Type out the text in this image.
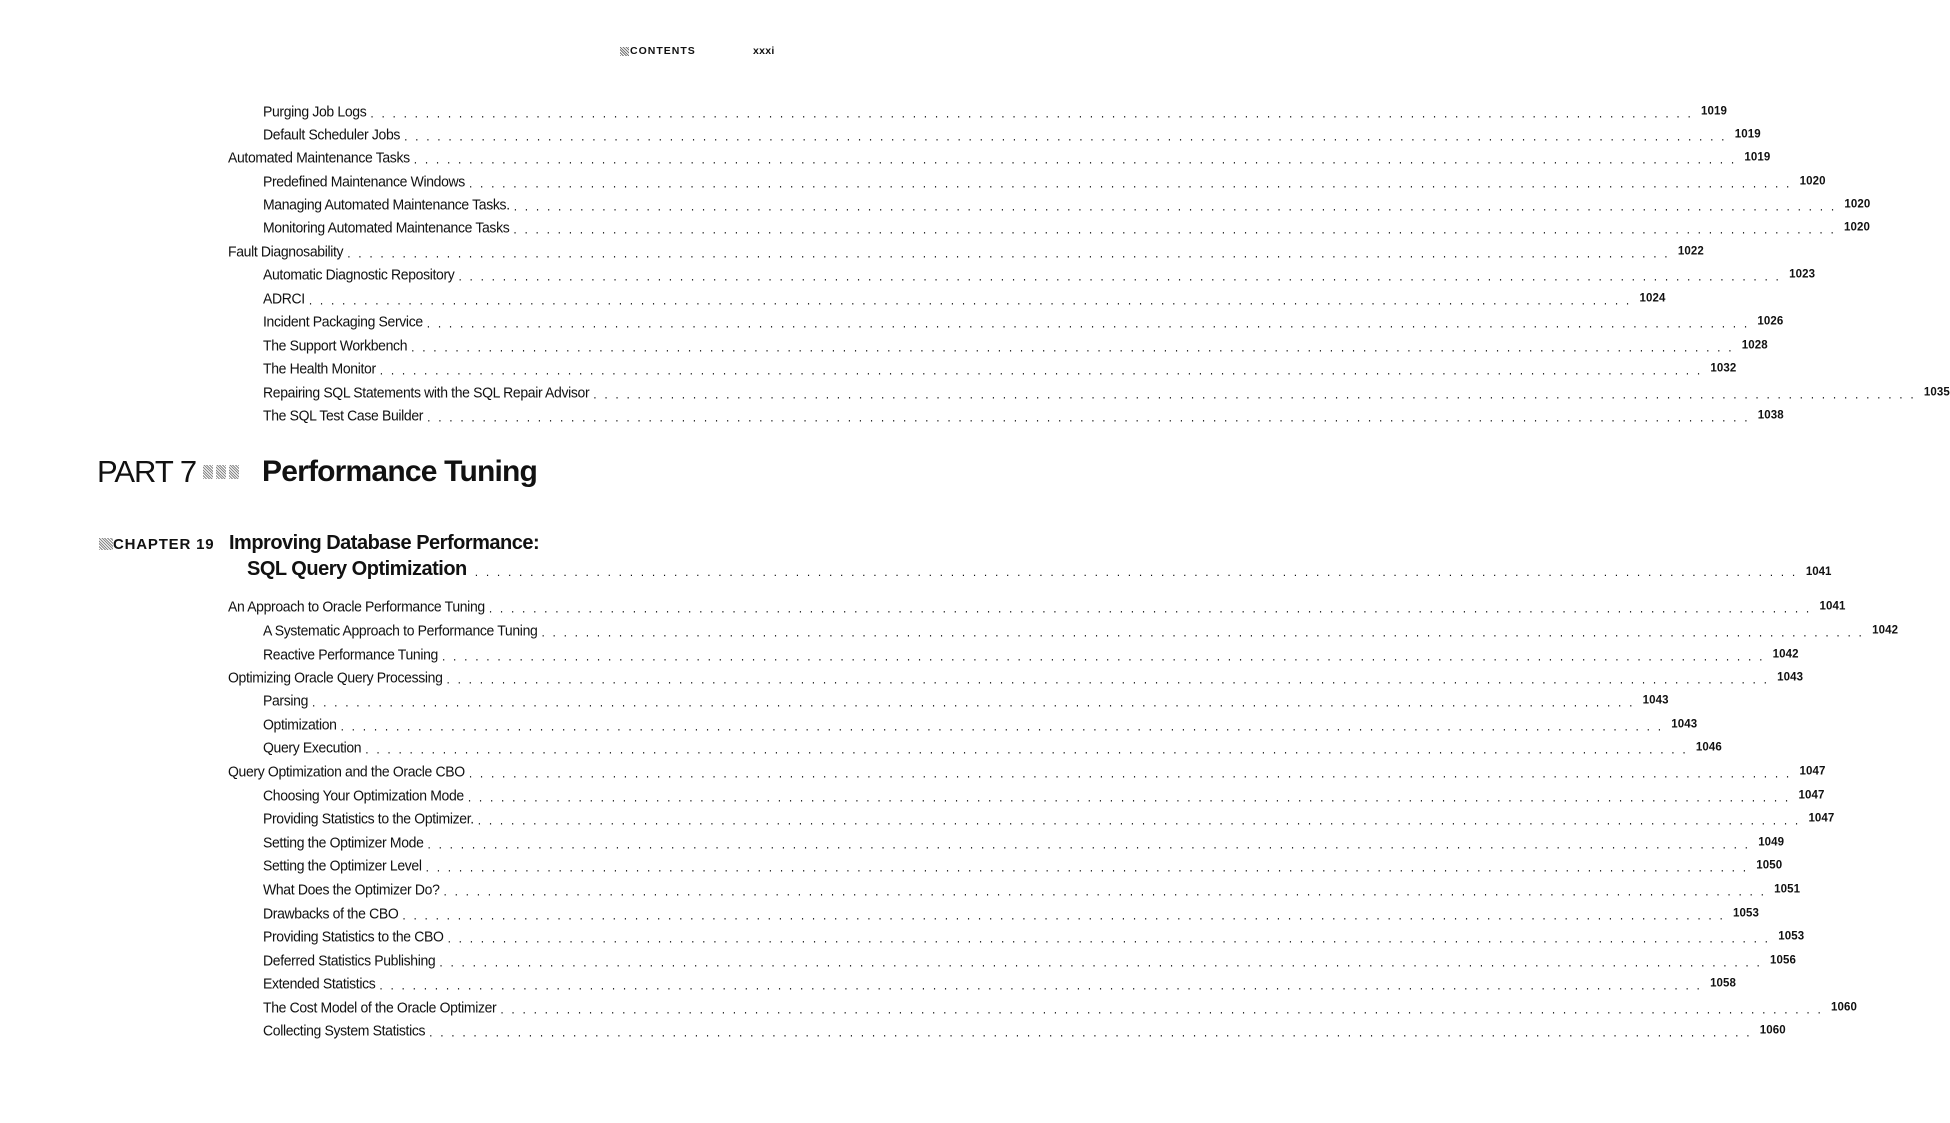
CONTENTS	xxxi
Purging Job Logs . . . . . . . . . . . . . . . . . . . . . . . . . . . . . . . . . . . . . . . . . . . . . . . . . . . . . . . . . . . . . . . . . . . . . . . . . . . . . . . . . . . . . . . . . . . . . . . . . . . . . . . . . . . . . . . . . . . . . . . . 1019
Default Scheduler Jobs . . . . . . . . . . . . . . . . . . . . . . . . . . . . . . . . . . . . . . . . . . . . . . . . . . . . . . . . . . . . . . . . . . . . . . . . . . . . . . . . . . . . . . . . . . . . . . . . . . . . . . . . . . . . . . . . . . . . . . . . 1019
Automated Maintenance Tasks . . . . . . . . . . . . . . . . . . . . . . . . . . . . . . . . . . . . . . . . . . . . . . . . . . . . . . . . . . . . . . . . . . . . . . . . . . . . . . . . . . . . . . . . . . . . . . . . . . . . . . . . . . . . . . . . . . . . . . . . 1019
Predefined Maintenance Windows . . . . . . . . . . . . . . . . . . . . . . . . . . . . . . . . . . . . . . . . . . . . . . . . . . . . . . . . . . . . . . . . . . . . . . . . . . . . . . . . . . . . . . . . . . . . . . . . . . . . . . . . . . . . . . . . . . . . . . . . 1020
Managing Automated Maintenance Tasks. . . . . . . . . . . . . . . . . . . . . . . . . . . . . . . . . . . . . . . . . . . . . . . . . . . . . . . . . . . . . . . . . . . . . . . . . . . . . . . . . . . . . . . . . . . . . . . . . . . . . . . . . . . . . . . . . . . . . . . . . 1020
Monitoring Automated Maintenance Tasks . . . . . . . . . . . . . . . . . . . . . . . . . . . . . . . . . . . . . . . . . . . . . . . . . . . . . . . . . . . . . . . . . . . . . . . . . . . . . . . . . . . . . . . . . . . . . . . . . . . . . . . . . . . . . . . . . . . . . . . . 1020
Fault Diagnosability . . . . . . . . . . . . . . . . . . . . . . . . . . . . . . . . . . . . . . . . . . . . . . . . . . . . . . . . . . . . . . . . . . . . . . . . . . . . . . . . . . . . . . . . . . . . . . . . . . . . . . . . . . . . . . . . . . . . . . . . 1022
Automatic Diagnostic Repository . . . . . . . . . . . . . . . . . . . . . . . . . . . . . . . . . . . . . . . . . . . . . . . . . . . . . . . . . . . . . . . . . . . . . . . . . . . . . . . . . . . . . . . . . . . . . . . . . . . . . . . . . . . . . . . . . . . . . . . . 1023
ADRCI . . . . . . . . . . . . . . . . . . . . . . . . . . . . . . . . . . . . . . . . . . . . . . . . . . . . . . . . . . . . . . . . . . . . . . . . . . . . . . . . . . . . . . . . . . . . . . . . . . . . . . . . . . . . . . . . . . . . . . . . 1024
Incident Packaging Service . . . . . . . . . . . . . . . . . . . . . . . . . . . . . . . . . . . . . . . . . . . . . . . . . . . . . . . . . . . . . . . . . . . . . . . . . . . . . . . . . . . . . . . . . . . . . . . . . . . . . . . . . . . . . . . . . . . . . . . . 1026
The Support Workbench . . . . . . . . . . . . . . . . . . . . . . . . . . . . . . . . . . . . . . . . . . . . . . . . . . . . . . . . . . . . . . . . . . . . . . . . . . . . . . . . . . . . . . . . . . . . . . . . . . . . . . . . . . . . . . . . . . . . . . . . 1028
The Health Monitor . . . . . . . . . . . . . . . . . . . . . . . . . . . . . . . . . . . . . . . . . . . . . . . . . . . . . . . . . . . . . . . . . . . . . . . . . . . . . . . . . . . . . . . . . . . . . . . . . . . . . . . . . . . . . . . . . . . . . . . . 1032
Repairing SQL Statements with the SQL Repair Advisor . . . . . . . . . . . . . . . . . . . . . . . . . . . . . . . . . . . . . . . . . . . . . . . . . . . . . . . . . . . . . . . . . . . . . . . . . . . . . . . . . . . . . . . . . . . . . . . . . . . . . . . . . . . . . . . . . . . . . . . . 1035
The SQL Test Case Builder . . . . . . . . . . . . . . . . . . . . . . . . . . . . . . . . . . . . . . . . . . . . . . . . . . . . . . . . . . . . . . . . . . . . . . . . . . . . . . . . . . . . . . . . . . . . . . . . . . . . . . . . . . . . . . . . . . . . . . . . 1038
PART 7 Performance Tuning
CHAPTER 19 Improving Database Performance:
SQL Query Optimization . . . . . . . . . . . . . . . . . . . . . . . . . . . . . . . . . . . . . . . . . . . . . . . . . . . . . . . . . . . . . . . . . . . . . . . . . . . . . . . . . . . . . . . . . . . . . . . . . . . . . . . . . . . . . . . . . . . . . . . . 1041
An Approach to Oracle Performance Tuning . . . . . . . . . . . . . . . . . . . . . . . . . . . . . . . . . . . . . . . . . . . . . . . . . . . . . . . . . . . . . . . . . . . . . . . . . . . . . . . . . . . . . . . . . . . . . . . . . . . . . . . . . . . . . . . . . . . . . . . . 1041
A Systematic Approach to Performance Tuning . . . . . . . . . . . . . . . . . . . . . . . . . . . . . . . . . . . . . . . . . . . . . . . . . . . . . . . . . . . . . . . . . . . . . . . . . . . . . . . . . . . . . . . . . . . . . . . . . . . . . . . . . . . . . . . . . . . . . . . . 1042
Reactive Performance Tuning . . . . . . . . . . . . . . . . . . . . . . . . . . . . . . . . . . . . . . . . . . . . . . . . . . . . . . . . . . . . . . . . . . . . . . . . . . . . . . . . . . . . . . . . . . . . . . . . . . . . . . . . . . . . . . . . . . . . . . . . 1042
Optimizing Oracle Query Processing . . . . . . . . . . . . . . . . . . . . . . . . . . . . . . . . . . . . . . . . . . . . . . . . . . . . . . . . . . . . . . . . . . . . . . . . . . . . . . . . . . . . . . . . . . . . . . . . . . . . . . . . . . . . . . . . . . . . . . . . 1043
Parsing . . . . . . . . . . . . . . . . . . . . . . . . . . . . . . . . . . . . . . . . . . . . . . . . . . . . . . . . . . . . . . . . . . . . . . . . . . . . . . . . . . . . . . . . . . . . . . . . . . . . . . . . . . . . . . . . . . . . . . . . 1043
Optimization . . . . . . . . . . . . . . . . . . . . . . . . . . . . . . . . . . . . . . . . . . . . . . . . . . . . . . . . . . . . . . . . . . . . . . . . . . . . . . . . . . . . . . . . . . . . . . . . . . . . . . . . . . . . . . . . . . . . . . . . 1043
Query Execution . . . . . . . . . . . . . . . . . . . . . . . . . . . . . . . . . . . . . . . . . . . . . . . . . . . . . . . . . . . . . . . . . . . . . . . . . . . . . . . . . . . . . . . . . . . . . . . . . . . . . . . . . . . . . . . . . . . . . . . . 1046
Query Optimization and the Oracle CBO . . . . . . . . . . . . . . . . . . . . . . . . . . . . . . . . . . . . . . . . . . . . . . . . . . . . . . . . . . . . . . . . . . . . . . . . . . . . . . . . . . . . . . . . . . . . . . . . . . . . . . . . . . . . . . . . . . . . . . . . 1047
Choosing Your Optimization Mode . . . . . . . . . . . . . . . . . . . . . . . . . . . . . . . . . . . . . . . . . . . . . . . . . . . . . . . . . . . . . . . . . . . . . . . . . . . . . . . . . . . . . . . . . . . . . . . . . . . . . . . . . . . . . . . . . . . . . . . . 1047
Providing Statistics to the Optimizer. . . . . . . . . . . . . . . . . . . . . . . . . . . . . . . . . . . . . . . . . . . . . . . . . . . . . . . . . . . . . . . . . . . . . . . . . . . . . . . . . . . . . . . . . . . . . . . . . . . . . . . . . . . . . . . . . . . . . . . . . 1047
Setting the Optimizer Mode . . . . . . . . . . . . . . . . . . . . . . . . . . . . . . . . . . . . . . . . . . . . . . . . . . . . . . . . . . . . . . . . . . . . . . . . . . . . . . . . . . . . . . . . . . . . . . . . . . . . . . . . . . . . . . . . . . . . . . . . 1049
Setting the Optimizer Level . . . . . . . . . . . . . . . . . . . . . . . . . . . . . . . . . . . . . . . . . . . . . . . . . . . . . . . . . . . . . . . . . . . . . . . . . . . . . . . . . . . . . . . . . . . . . . . . . . . . . . . . . . . . . . . . . . . . . . . . 1050
What Does the Optimizer Do? . . . . . . . . . . . . . . . . . . . . . . . . . . . . . . . . . . . . . . . . . . . . . . . . . . . . . . . . . . . . . . . . . . . . . . . . . . . . . . . . . . . . . . . . . . . . . . . . . . . . . . . . . . . . . . . . . . . . . . . . 1051
Drawbacks of the CBO . . . . . . . . . . . . . . . . . . . . . . . . . . . . . . . . . . . . . . . . . . . . . . . . . . . . . . . . . . . . . . . . . . . . . . . . . . . . . . . . . . . . . . . . . . . . . . . . . . . . . . . . . . . . . . . . . . . . . . . . 1053
Providing Statistics to the CBO . . . . . . . . . . . . . . . . . . . . . . . . . . . . . . . . . . . . . . . . . . . . . . . . . . . . . . . . . . . . . . . . . . . . . . . . . . . . . . . . . . . . . . . . . . . . . . . . . . . . . . . . . . . . . . . . . . . . . . . . 1053
Deferred Statistics Publishing . . . . . . . . . . . . . . . . . . . . . . . . . . . . . . . . . . . . . . . . . . . . . . . . . . . . . . . . . . . . . . . . . . . . . . . . . . . . . . . . . . . . . . . . . . . . . . . . . . . . . . . . . . . . . . . . . . . . . . . . 1056
Extended Statistics . . . . . . . . . . . . . . . . . . . . . . . . . . . . . . . . . . . . . . . . . . . . . . . . . . . . . . . . . . . . . . . . . . . . . . . . . . . . . . . . . . . . . . . . . . . . . . . . . . . . . . . . . . . . . . . . . . . . . . . . 1058
The Cost Model of the Oracle Optimizer . . . . . . . . . . . . . . . . . . . . . . . . . . . . . . . . . . . . . . . . . . . . . . . . . . . . . . . . . . . . . . . . . . . . . . . . . . . . . . . . . . . . . . . . . . . . . . . . . . . . . . . . . . . . . . . . . . . . . . . . 1060
Collecting System Statistics . . . . . . . . . . . . . . . . . . . . . . . . . . . . . . . . . . . . . . . . . . . . . . . . . . . . . . . . . . . . . . . . . . . . . . . . . . . . . . . . . . . . . . . . . . . . . . . . . . . . . . . . . . . . . . . . . . . . . . . . 1060
